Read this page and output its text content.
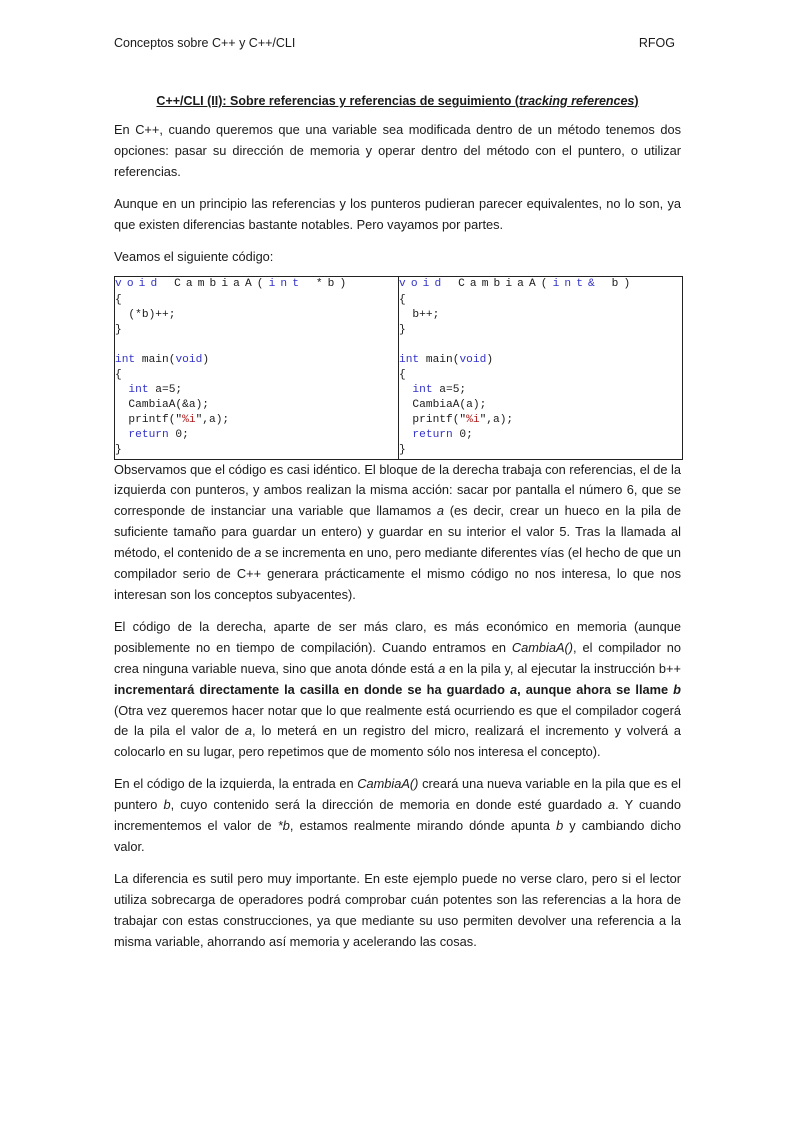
Conceptos sobre C++ y C++/CLI	RFOG
C++/CLI (II): Sobre referencias y referencias de seguimiento (tracking references)

En C++, cuando queremos que una variable sea modificada dentro de un método tenemos dos opciones: pasar su dirección de memoria y operar dentro del método con el puntero, o utilizar referencias.

Aunque en un principio las referencias y los punteros pudieran parecer equivalentes, no lo son, ya que existen diferencias bastante notables. Pero vayamos por partes.

Veamos el siguiente código:

void CambiaA(int *b)
{
(*b)++;
}

int main(void)
{
int a=5;
CambiaA(&a);
printf("%i",a);
return 0;
}

void CambiaA(int& b)
{
b++;
}

int main(void)
{
int a=5;
CambiaA(a);
printf("%i",a);
return 0;
}

Observamos que el código es casi idéntico. El bloque de la derecha trabaja con referencias, el de la izquierda con punteros, y ambos realizan la misma acción: sacar por pantalla el número 6, que se corresponde de instanciar una variable que llamamos a (es decir, crear un hueco en la pila de suficiente tamaño para guardar un entero) y guardar en su interior el valor 5. Tras la llamada al método, el contenido de a se incrementa en uno, pero mediante diferentes vías (el hecho de que un compilador serio de C++ generara prácticamente el mismo código no nos interesa, lo que nos interesan son los conceptos subyacentes).

El código de la derecha, aparte de ser más claro, es más económico en memoria (aunque posiblemente no en tiempo de compilación). Cuando entramos en CambiaA(), el compilador no crea ninguna variable nueva, sino que anota dónde está a en la pila y, al ejecutar la instrucción b++ incrementará directamente la casilla en donde se ha guardado a, aunque ahora se llame b (Otra vez queremos hacer notar que lo que realmente está ocurriendo es que el compilador cogerá de la pila el valor de a, lo meterá en un registro del micro, realizará el incremento y volverá a colocarlo en su lugar, pero repetimos que de momento sólo nos interesa el concepto).

En el código de la izquierda, la entrada en CambiaA() creará una nueva variable en la pila que es el puntero b, cuyo contenido será la dirección de memoria en donde esté guardado a. Y cuando incrementemos el valor de *b, estamos realmente mirando dónde apunta b y cambiando dicho valor.

La diferencia es sutil pero muy importante. En este ejemplo puede no verse claro, pero si el lector utiliza sobrecarga de operadores podrá comprobar cuán potentes son las referencias a la hora de trabajar con estas construcciones, ya que mediante su uso permiten devolver una referencia a la misma variable, ahorrando así memoria y acelerando las cosas.
